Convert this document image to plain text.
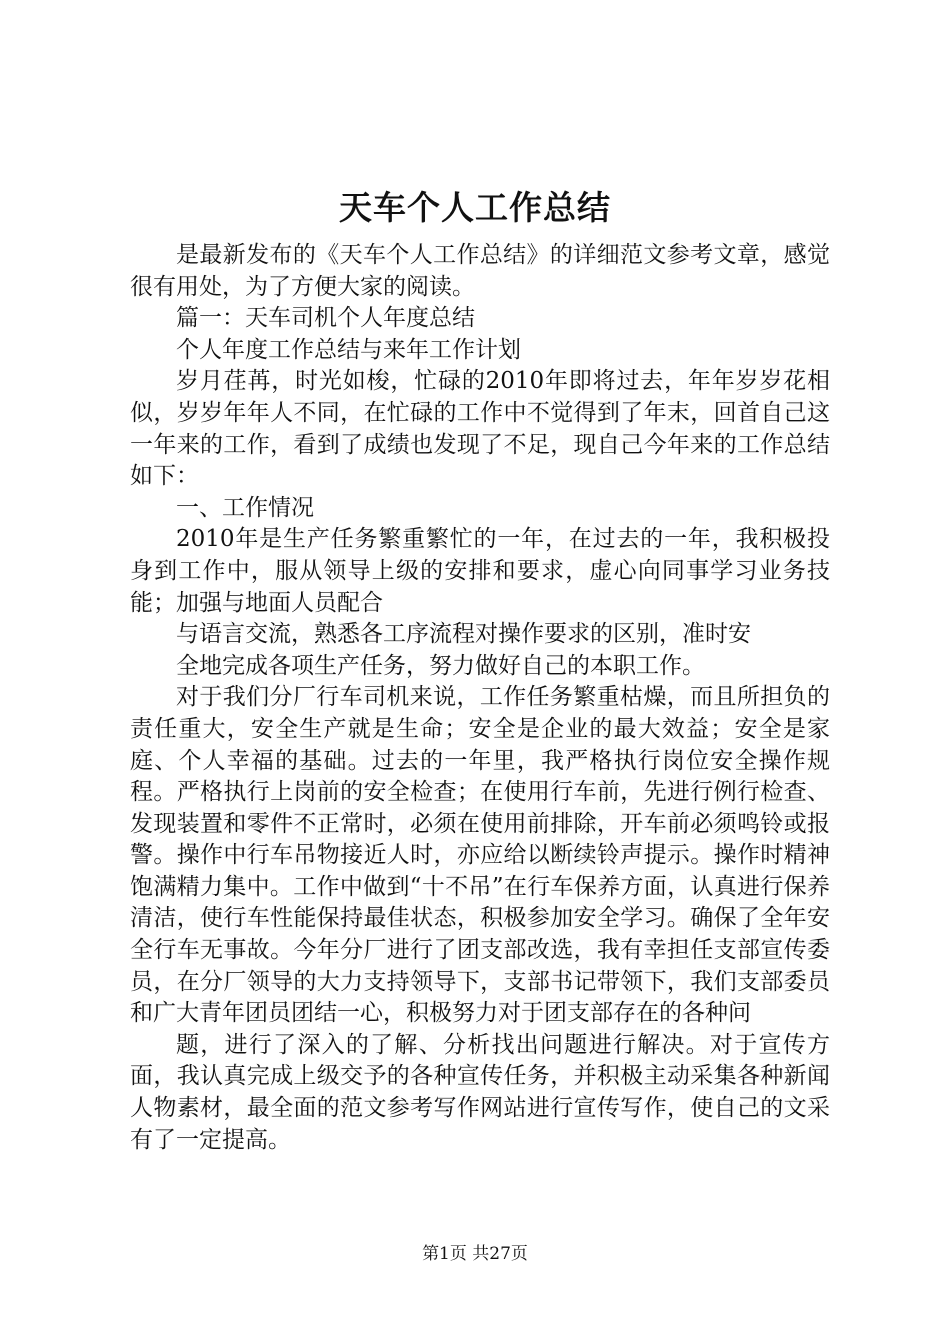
天车个人工作总结

是最新发布的《天车个人工作总结》的详细范文参考文章，感觉很有用处，为了方便大家的阅读。

篇一：天车司机个人年度总结

个人年度工作总结与来年工作计划

岁月荏苒，时光如梭，忙碌的2010年即将过去，年年岁岁花相似，岁岁年年人不同，在忙碌的工作中不觉得到了年末，回首自己这一年来的工作，看到了成绩也发现了不足，现自己今年来的工作总结如下：

一、工作情况

2010年是生产任务繁重繁忙的一年，在过去的一年，我积极投身到工作中，服从领导上级的安排和要求，虚心向同事学习业务技能；加强与地面人员配合

与语言交流，熟悉各工序流程对操作要求的区别，准时安

全地完成各项生产任务，努力做好自己的本职工作。

对于我们分厂行车司机来说，工作任务繁重枯燥，而且所担负的责任重大，安全生产就是生命；安全是企业的最大效益；安全是家庭、个人幸福的基础。过去的一年里，我严格执行岗位安全操作规程。严格执行上岗前的安全检查；在使用行车前，先进行例行检查、发现装置和零件不正常时，必须在使用前排除，开车前必须鸣铃或报警。操作中行车吊物接近人时，亦应给以断续铃声提示。操作时精神饱满精力集中。工作中做到“十不吊”在行车保养方面，认真进行保养清洁，使行车性能保持最佳状态，积极参加安全学习。确保了全年安全行车无事故。今年分厂进行了团支部改选，我有幸担任支部宣传委员，在分厂领导的大力支持领导下，支部书记带领下，我们支部委员和广大青年团员团结一心，积极努力对于团支部存在的各种问

题，进行了深入的了解、分析找出问题进行解决。对于宣传方面，我认真完成上级交予的各种宣传任务，并积极主动采集各种新闻人物素材，最全面的范文参考写作网站进行宣传写作，使自己的文采有了一定提高。

第1页 共27页
